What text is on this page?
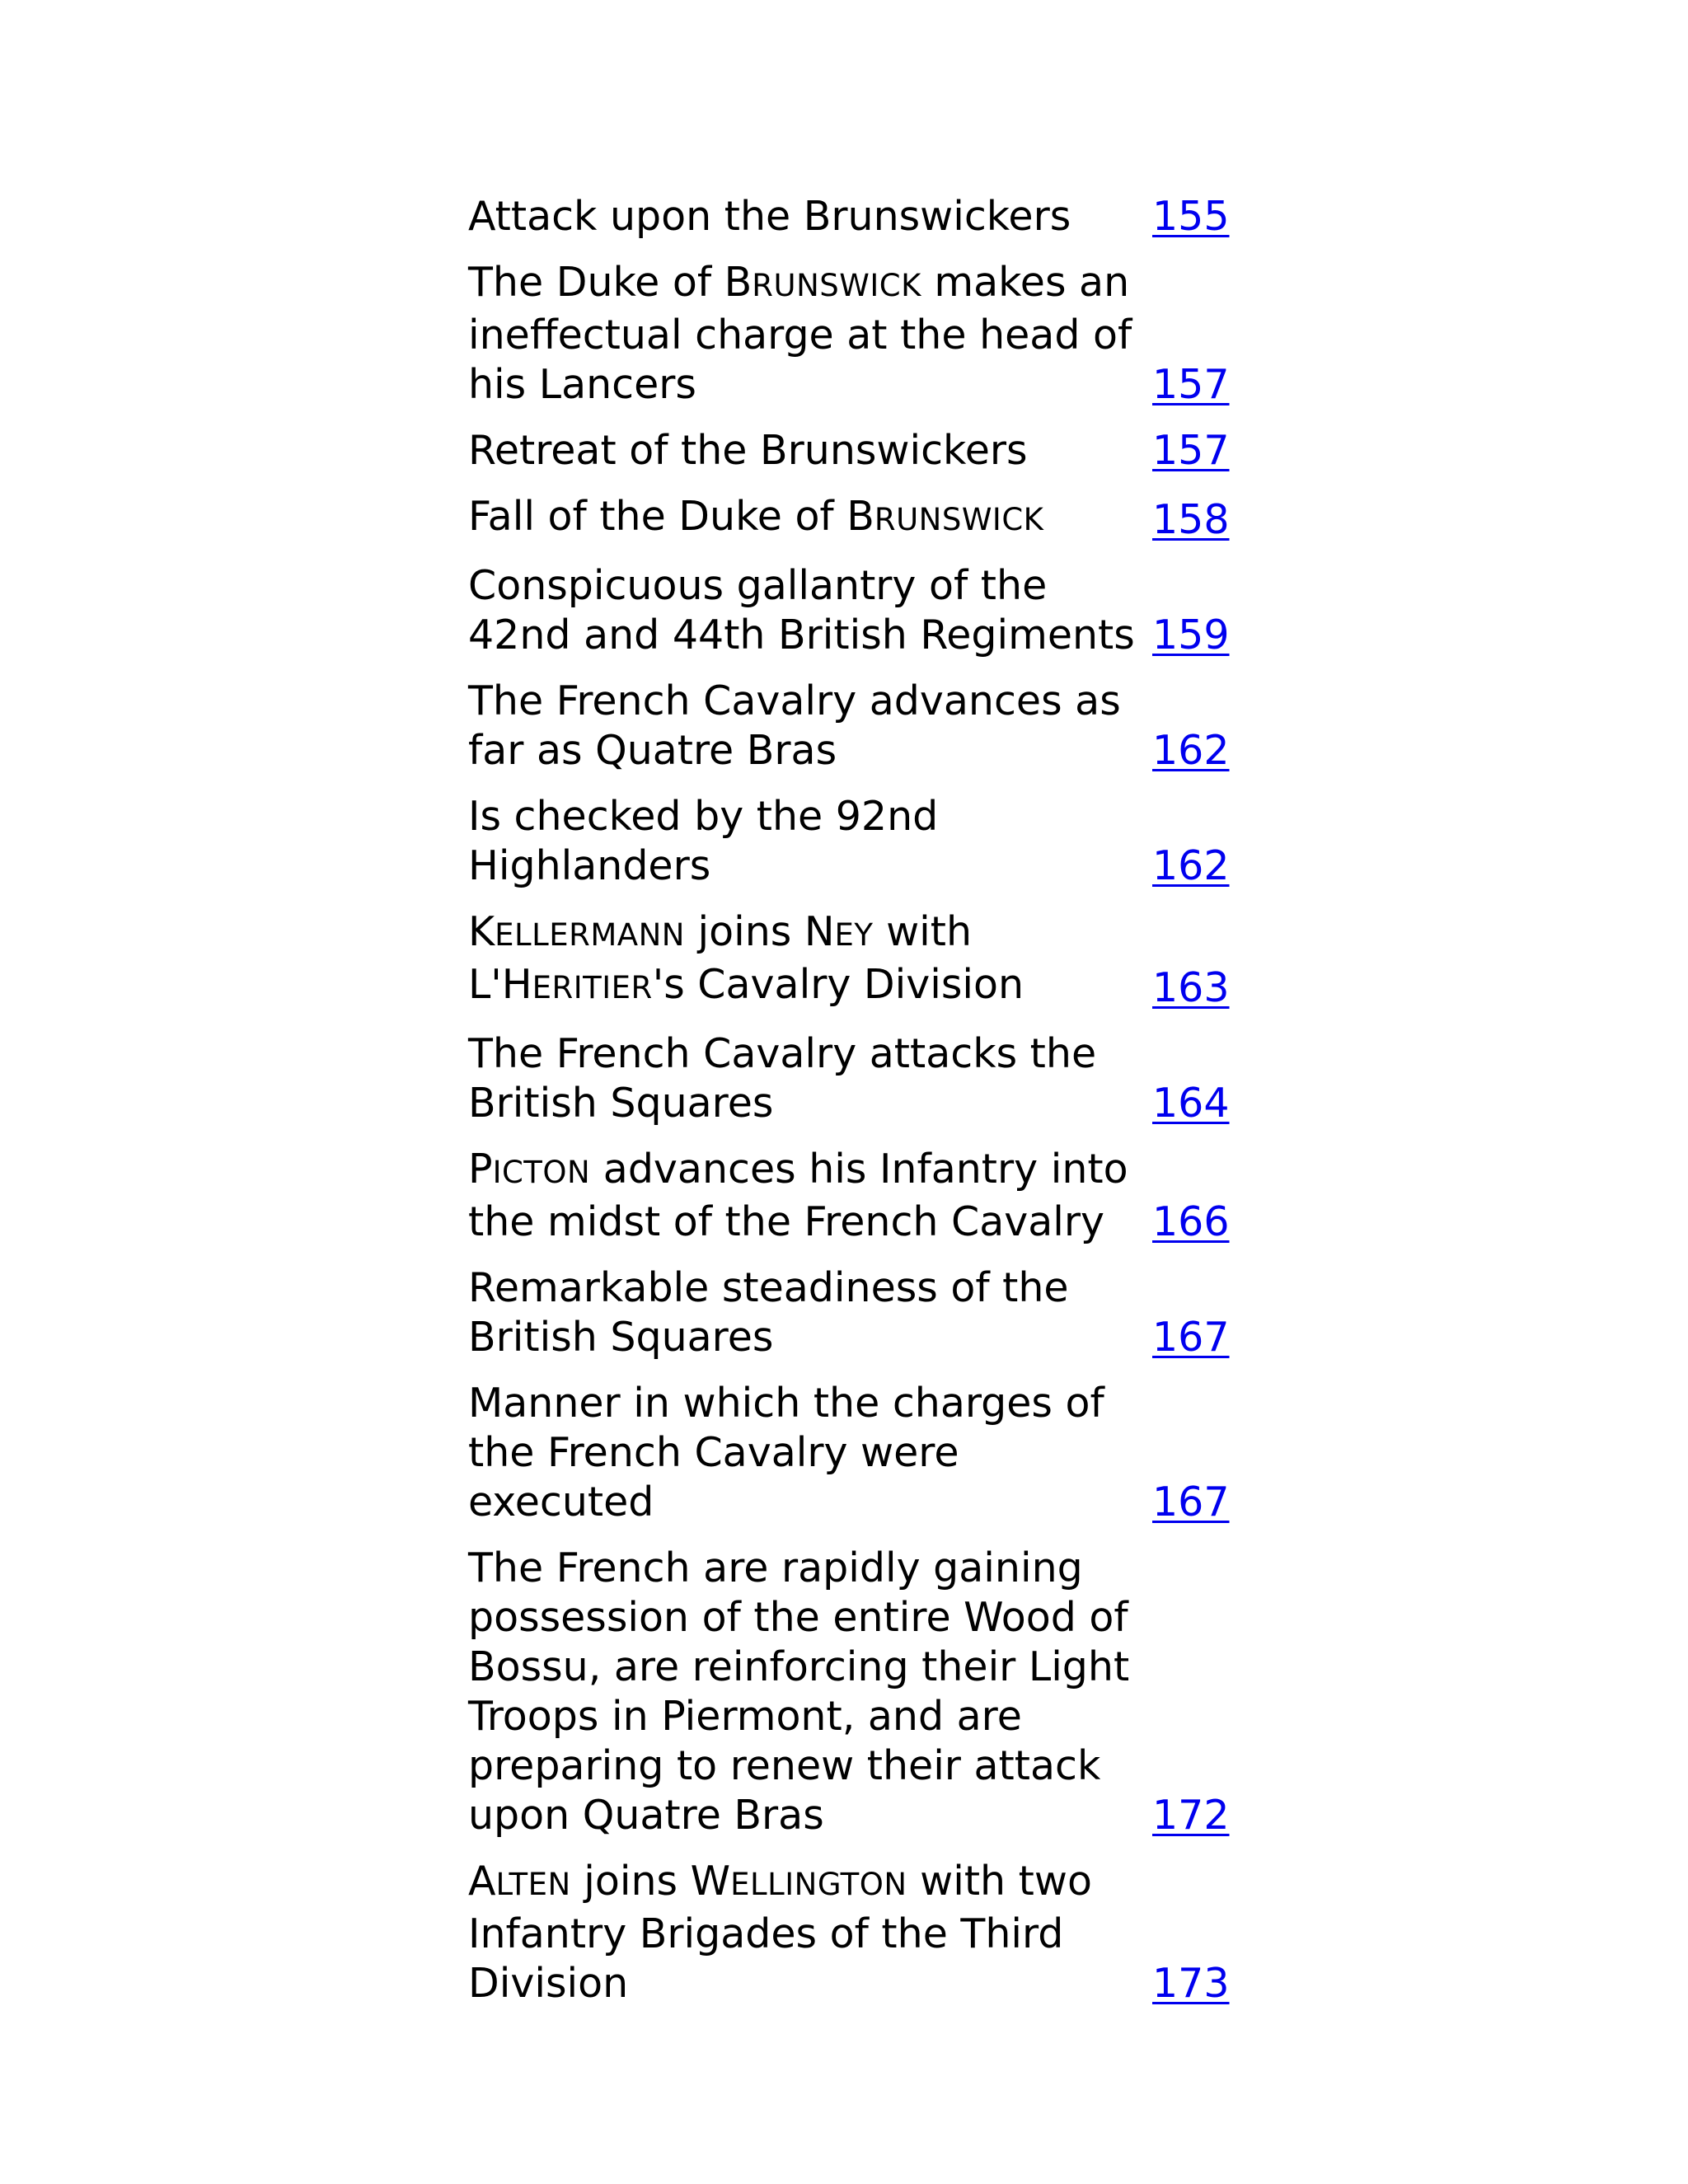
Attack upon the Brunswickers	155
The Duke of BRUNSWICK makes an ineffectual charge at the head of his Lancers	157
Retreat of the Brunswickers	157
Fall of the Duke of BRUNSWICK	158
Conspicuous gallantry of the 42nd and 44th British Regiments	159
The French Cavalry advances as far as Quatre Bras	162
Is checked by the 92nd Highlanders	162
KELLERMANN joins NEY with L'HERITIER's Cavalry Division	163
The French Cavalry attacks the British Squares	164
PICTON advances his Infantry into the midst of the French Cavalry	166
Remarkable steadiness of the British Squares	167
Manner in which the charges of the French Cavalry were executed	167
The French are rapidly gaining possession of the entire Wood of Bossu, are reinforcing their Light Troops in Piermont, and are preparing to renew their attack upon Quatre Bras	172
ALTEN joins WELLINGTON with two Infantry Brigades of the Third Division	173
